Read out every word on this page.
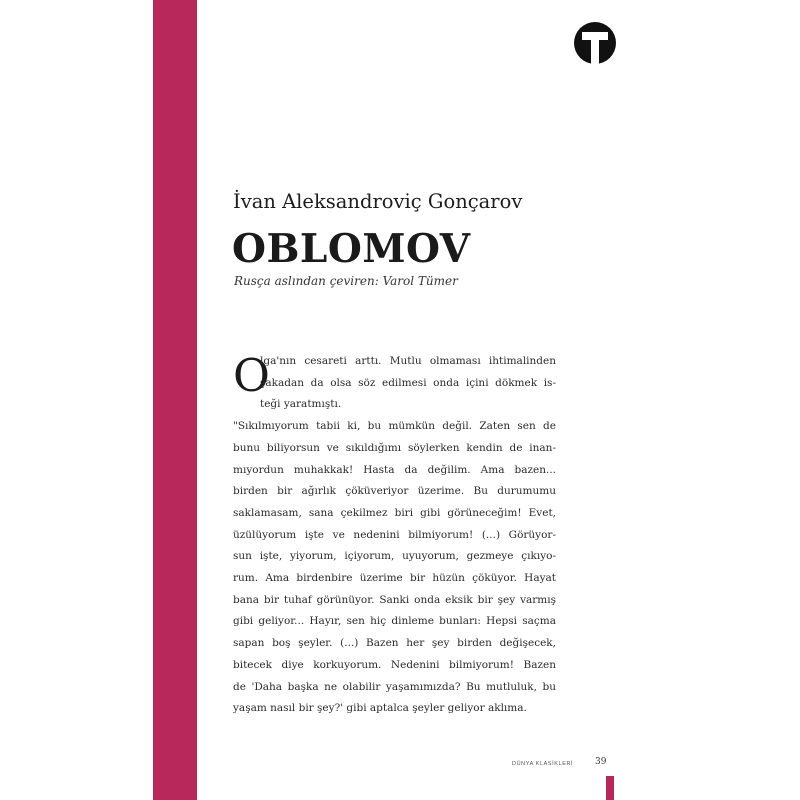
İvan Aleksandroviç Gonçarov
OBLOMOV
Rusça aslından çeviren: Varol Tümer
O
lga'nın cesareti arttı. Mutlu olmaması ihtimalinden
şakadan da olsa söz edilmesi onda içini dökmek is-
teği yaratmıştı.
"Sıkılmıyorum tabii ki, bu mümkün değil. Zaten sen de
bunu biliyorsun ve sıkıldığımı söylerken kendin de inan-
mıyordun muhakkak! Hasta da değilim. Ama bazen...
birden bir ağırlık çöküveriyor üzerime. Bu durumumu
saklamasam, sana çekilmez biri gibi görüneceğim! Evet,
üzülüyorum işte ve nedenini bilmiyorum! (...) Görüyor-
sun işte, yiyorum, içiyorum, uyuyorum, gezmeye çıkıyo-
rum. Ama birdenbire üzerime bir hüzün çöküyor. Hayat
bana bir tuhaf görünüyor. Sanki onda eksik bir şey varmış
gibi geliyor... Hayır, sen hiç dinleme bunları: Hepsi saçma
sapan boş şeyler. (...) Bazen her şey birden değişecek,
bitecek diye korkuyorum. Nedenini bilmiyorum! Bazen
de 'Daha başka ne olabilir yaşamımızda? Bu mutluluk, bu
yaşam nasıl bir şey?' gibi aptalca şeyler geliyor aklıma.
DÜNYA KLASİKLERİ 39
